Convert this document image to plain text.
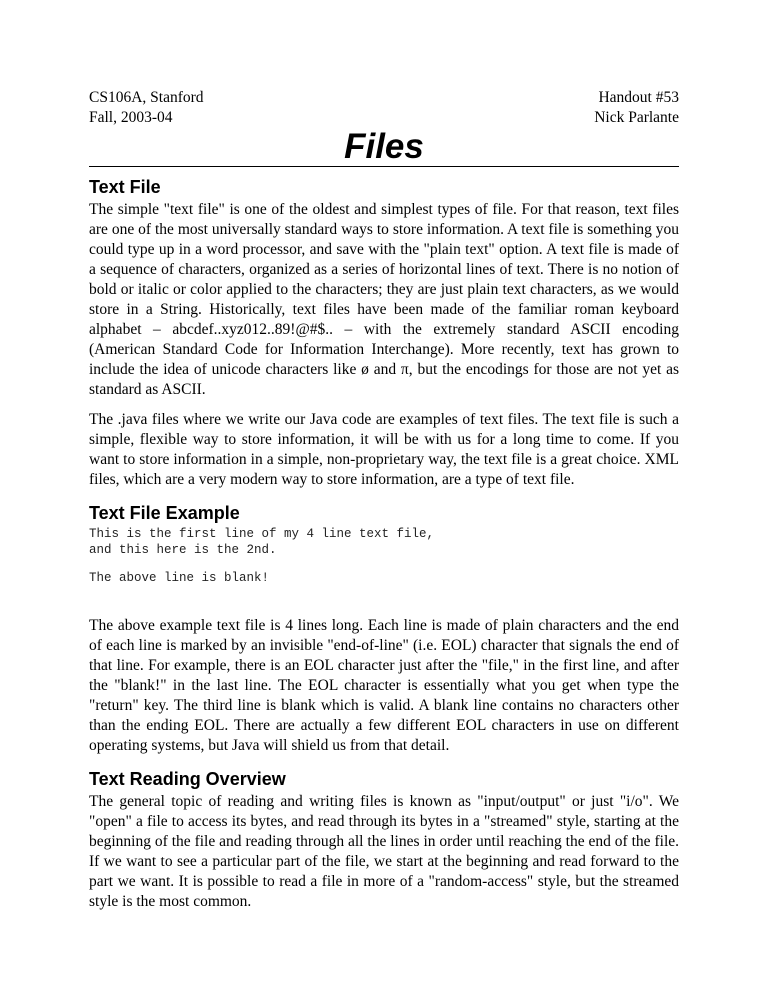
CS106A, Stanford
Fall, 2003-04
Handout #53
Nick Parlante
Files
Text File

The simple "text file" is one of the oldest and simplest types of file. For that reason, text files are one of the most universally standard ways to store information. A text file is something you could type up in a word processor, and save with the "plain text" option. A text file is made of a sequence of characters, organized as a series of horizontal lines of text. There is no notion of bold or italic or color applied to the characters; they are just plain text characters, as we would store in a String. Historically, text files have been made of the familiar roman keyboard alphabet – abcdef..xyz012..89!@#$.. – with the extremely standard ASCII encoding (American Standard Code for Information Interchange). More recently, text has grown to include the idea of unicode characters like ø and π, but the encodings for those are not yet as standard as ASCII.

The .java files where we write our Java code are examples of text files. The text file is such a simple, flexible way to store information, it will be with us for a long time to come. If you want to store information in a simple, non-proprietary way, the text file is a great choice. XML files, which are a very modern way to store information, are a type of text file.

Text File Example
This is the first line of my 4 line text file,
and this here is the 2nd.
The above line is blank!

The above example text file is 4 lines long. Each line is made of plain characters and the end of each line is marked by an invisible "end-of-line" (i.e. EOL) character that signals the end of that line. For example, there is an EOL character just after the "file," in the first line, and after the "blank!" in the last line. The EOL character is essentially what you get when type the "return" key. The third line is blank which is valid. A blank line contains no characters other than the ending EOL. There are actually a few different EOL characters in use on different operating systems, but Java will shield us from that detail.

Text Reading Overview

The general topic of reading and writing files is known as "input/output" or just "i/o". We "open" a file to access its bytes, and read through its bytes in a "streamed" style, starting at the beginning of the file and reading through all the lines in order until reaching the end of the file. If we want to see a particular part of the file, we start at the beginning and read forward to the part we want. It is possible to read a file in more of a "random-access" style, but the streamed style is the most common.
